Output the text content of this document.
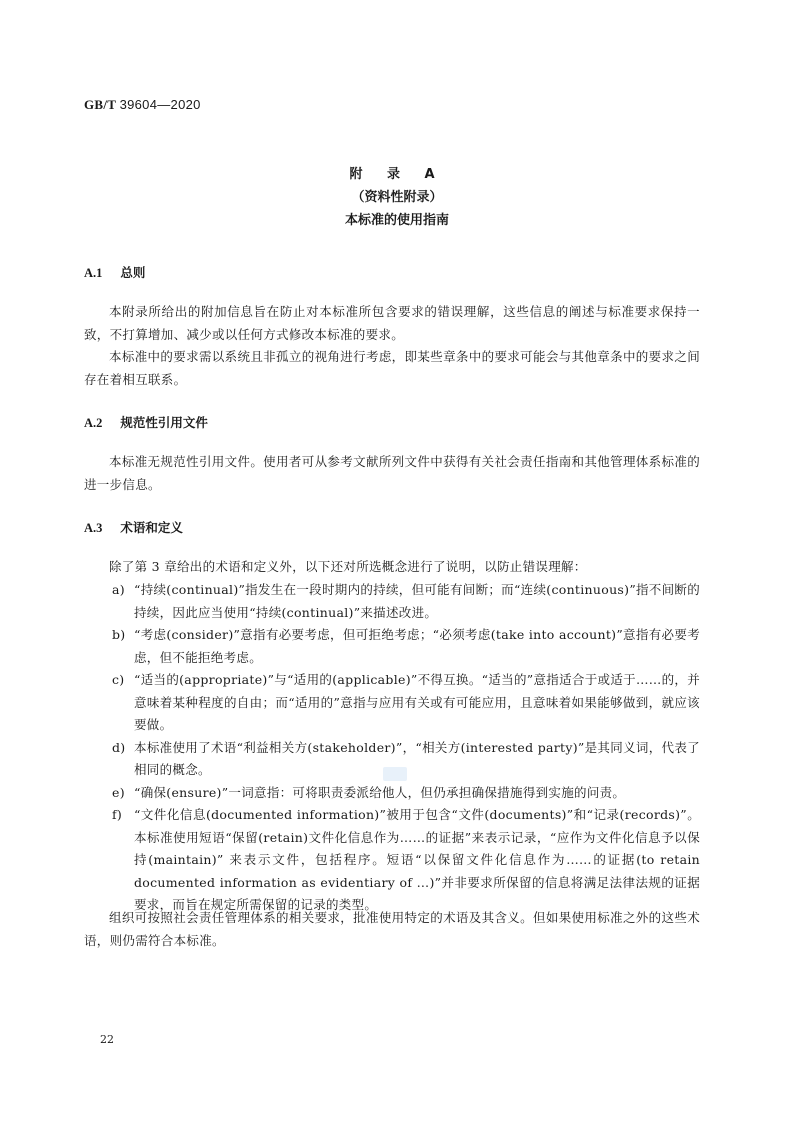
GB/T 39604—2020
附 录 A
（资料性附录）
本标准的使用指南
A.1 总则
本附录所给出的附加信息旨在防止对本标准所包含要求的错误理解，这些信息的阐述与标准要求保持一致，不打算增加、减少或以任何方式修改本标准的要求。
本标准中的要求需以系统且非孤立的视角进行考虑，即某些章条中的要求可能会与其他章条中的要求之间存在着相互联系。
A.2 规范性引用文件
本标准无规范性引用文件。使用者可从参考文献所列文件中获得有关社会责任指南和其他管理体系标准的进一步信息。
A.3 术语和定义
除了第 3 章给出的术语和定义外，以下还对所选概念进行了说明，以防止错误理解：
a) “持续(continual)”指发生在一段时期内的持续，但可能有间断；而“连续(continuous)”指不间断的持续，因此应当使用“持续(continual)”来描述改进。
b) “考虑(consider)”意指有必要考虑，但可拒绝考虑；“必须考虑(take into account)”意指有必要考虑，但不能拒绝考虑。
c) “适当的(appropriate)”与“适用的(applicable)”不得互换。“适当的”意指适合于或适于……的，并意味着某种程度的自由；而“适用的”意指与应用有关或有可能应用，且意味着如果能够做到，就应该要做。
d) 本标准使用了术语“利益相关方(stakeholder)”，“相关方(interested party)”是其同义词，代表了相同的概念。
e) “确保(ensure)”一词意指：可将职责委派给他人，但仍承担确保措施得到实施的问责。
f) “文件化信息(documented information)”被用于包含“文件(documents)”和“记录(records)”。本标准使用短语“保留(retain)文件化信息作为……的证据”来表示记录，“应作为文件化信息予以保持(maintain)” 来表示文件，包括程序。短语“以保留文件化信息作为……的证据(to retain documented information as evidentiary of …)”并非要求所保留的信息将满足法律法规的证据要求，而旨在规定所需保留的记录的类型。
组织可按照社会责任管理体系的相关要求，批准使用特定的术语及其含义。但如果使用标准之外的这些术语，则仍需符合本标准。
22
